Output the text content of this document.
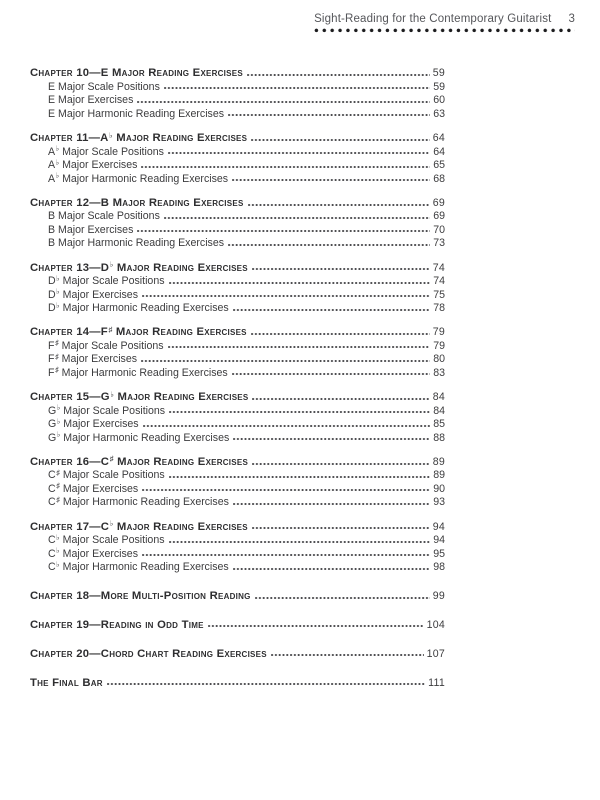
Sight-Reading for the Contemporary Guitarist 3
Chapter 10—E Major Reading Exercises	59
E Major Scale Positions	59
E Major Exercises	60
E Major Harmonic Reading Exercises	63
Chapter 11—A♭ Major Reading Exercises	64
A♭ Major Scale Positions	64
A♭ Major Exercises	65
A♭ Major Harmonic Reading Exercises	68
Chapter 12—B Major Reading Exercises	69
B Major Scale Positions	69
B Major Exercises	70
B Major Harmonic Reading Exercises	73
Chapter 13—D♭ Major Reading Exercises	74
D♭ Major Scale Positions	74
D♭ Major Exercises	75
D♭ Major Harmonic Reading Exercises	78
Chapter 14—F♯ Major Reading Exercises	79
F♯ Major Scale Positions	79
F♯ Major Exercises	80
F♯ Major Harmonic Reading Exercises	83
Chapter 15—G♭ Major Reading Exercises	84
G♭ Major Scale Positions	84
G♭ Major Exercises	85
G♭ Major Harmonic Reading Exercises	88
Chapter 16—C♯ Major Reading Exercises	89
C♯ Major Scale Positions	89
C♯ Major Exercises	90
C♯ Major Harmonic Reading Exercises	93
Chapter 17—C♭ Major Reading Exercises	94
C♭ Major Scale Positions	94
C♭ Major Exercises	95
C♭ Major Harmonic Reading Exercises	98
Chapter 18—More Multi-Position Reading	99
Chapter 19—Reading in Odd Time	104
Chapter 20—Chord Chart Reading Exercises	107
The Final Bar	111
